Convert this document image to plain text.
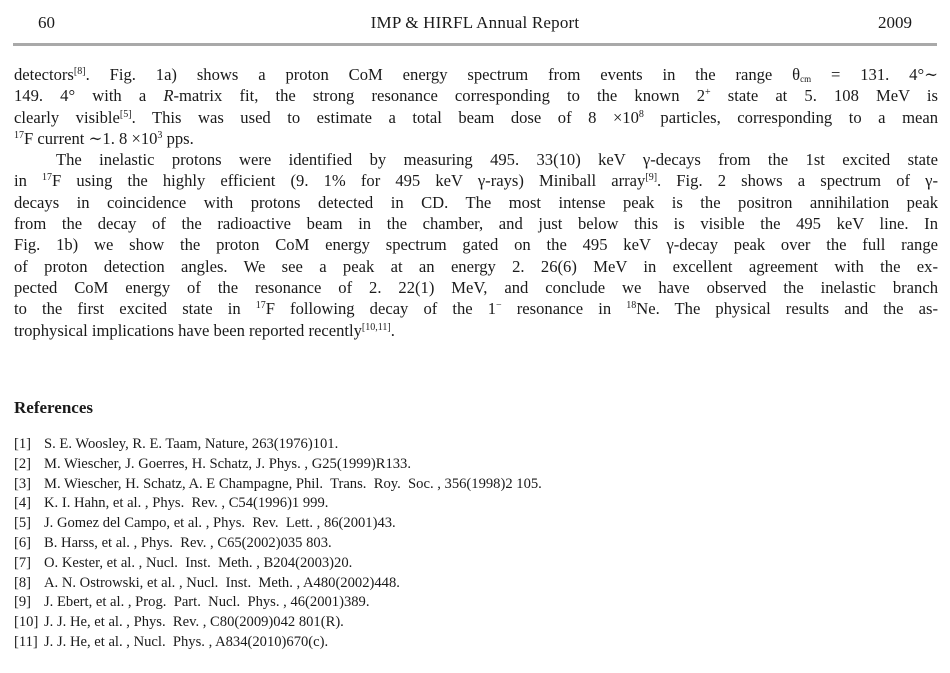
60	IMP & HIRFL Annual Report	2009
detectors[8]. Fig. 1a) shows a proton CoM energy spectrum from events in the range $\theta_{cm} = 131$. 4°∼
149. 4° with a R-matrix fit, the strong resonance corresponding to the known 2+ state at 5. 108 MeV is
clearly visible[5]. This was used to estimate a total beam dose of $8 \times 10^8$ particles, corresponding to a mean
$^{17}$F current ∼1. $8 \times 10^3$ pps.
The inelastic protons were identified by measuring 495. 33(10) keV γ-decays from the 1st excited state
in $^{17}$F using the highly efficient (9. 1% for 495 keV γ-rays) Miniball array[9]. Fig. 2 shows a spectrum of γ-
decays in coincidence with protons detected in CD. The most intense peak is the positron annihilation peak
from the decay of the radioactive beam in the chamber, and just below this is visible the 495 keV line. In
Fig. 1b) we show the proton CoM energy spectrum gated on the 495 keV γ-decay peak over the full range
of proton detection angles. We see a peak at an energy 2. 26(6) MeV in excellent agreement with the ex-
pected CoM energy of the resonance of 2. 22(1) MeV, and conclude we have observed the inelastic branch
to the first excited state in $^{17}$F following decay of the 1− resonance in $^{18}$Ne. The physical results and the as-
trophysical implications have been reported recently[10,11].
References
[1] S. E. Woosley, R. E. Taam, Nature, 263(1976)101.
[2] M. Wiescher, J. Goerres, H. Schatz, J. Phys. , G25(1999)R133.
[3] M. Wiescher, H. Schatz, A. E Champagne, Phil.  Trans.  Roy.  Soc. , 356(1998)2 105.
[4] K. I. Hahn, et al. , Phys.  Rev. , C54(1996)1 999.
[5] J. Gomez del Campo, et al. , Phys.  Rev.  Lett. , 86(2001)43.
[6] B. Harss, et al. , Phys.  Rev. , C65(2002)035 803.
[7] O. Kester, et al. , Nucl.  Inst.  Meth. , B204(2003)20.
[8] A. N. Ostrowski, et al. , Nucl.  Inst.  Meth. , A480(2002)448.
[9] J. Ebert, et al. , Prog.  Part.  Nucl.  Phys. , 46(2001)389.
[10] J. J. He, et al. , Phys.  Rev. , C80(2009)042 801(R).
[11] J. J. He, et al. , Nucl.  Phys. , A834(2010)670(c).
